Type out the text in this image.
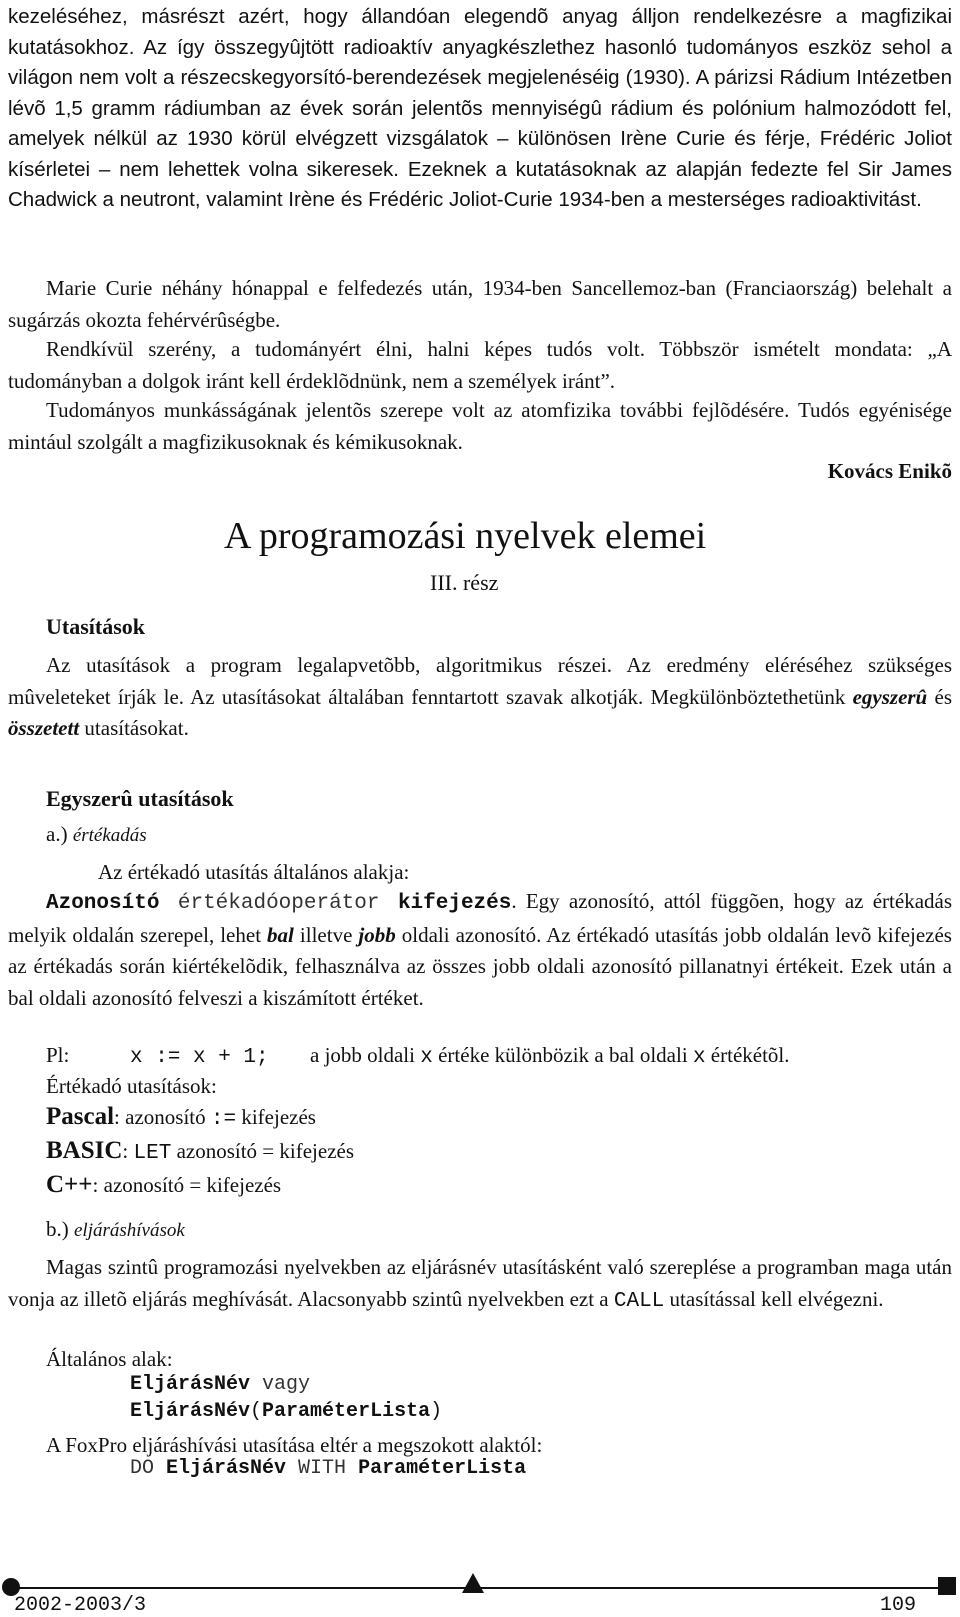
kezeléséhez, másrészt azért, hogy állandóan elegendõ anyag álljon rendelkezésre a magfizikai kutatásokhoz. Az így összegyûjtött radioaktív anyagkészlethez hasonló tudományos eszköz sehol a világon nem volt a részecskegyorsító-berendezések megjelenéséig (1930). A párizsi Rádium Intézetben lévõ 1,5 gramm rádiumban az évek során jelentõs mennyiségû rádium és polónium halmozódott fel, amelyek nélkül az 1930 körül elvégzett vizsgálatok – különösen Irène Curie és férje, Frédéric Joliot kísérletei – nem lehettek volna sikeresek. Ezeknek a kutatásoknak az alapján fedezte fel Sir James Chadwick a neutront, valamint Irène és Frédéric Joliot-Curie 1934-ben a mesterséges radioaktivitást.

Marie Curie néhány hónappal e felfedezés után, 1934-ben Sancellemoz-ban (Franciaország) belehalt a sugárzás okozta fehérvérûségbe.

Rendkívül szerény, a tudományért élni, halni képes tudós volt. Többször ismételt mondata: „A tudományban a dolgok iránt kell érdeklõdnünk, nem a személyek iránt”.

Tudományos munkásságának jelentõs szerepe volt az atomfizika további fejlõdésére. Tudós egyénisége mintául szolgált a magfizikusoknak és kémikusoknak.

Kovács Enikõ

A programozási nyelvek elemei
III. rész
Utasítások

Az utasítások a program legalapvetõbb, algoritmikus részei. Az eredmény eléréséhez szükséges mûveleteket írják le. Az utasításokat általában fenntartott szavak alkotják. Megkülönböztethetünk egyszerû és összetett utasításokat.

Egyszerû utasítások
a.) értékadás
Az értékadó utasítás általános alakja:

Azonosító értékadóoperátor kifejezés. Egy azonosító, attól függõen, hogy az értékadás melyik oldalán szerepel, lehet bal illetve jobb oldali azonosító. Az értékadó utasítás jobb oldalán levõ kifejezés az értékadás során kiértékelõdik, felhasználva az összes jobb oldali azonosító pillanatnyi értékeit. Ezek után a bal oldali azonosító felveszi a kiszámított értéket.

Pl:	x := x + 1; a jobb oldali x értéke különbözik a bal oldali x értékétõl.
Értékadó utasítások:
Pascal: azonosító := kifejezés
BASIC: LET azonosító = kifejezés
C++: azonosító = kifejezés
b.) eljáráshívások

Magas szintû programozási nyelvekben az eljárásnév utasításként való szereplése a programban maga után vonja az illetõ eljárás meghívását. Alacsonyabb szintû nyelvekben ezt a CALL utasítással kell elvégezni.

Általános alak:
EljárásNév vagy
EljárásNév(ParaméterLista)
A FoxPro eljáráshívási utasítása eltér a megszokott alaktól:
DO EljárásNév WITH ParaméterLista
2002-2003/3	109
